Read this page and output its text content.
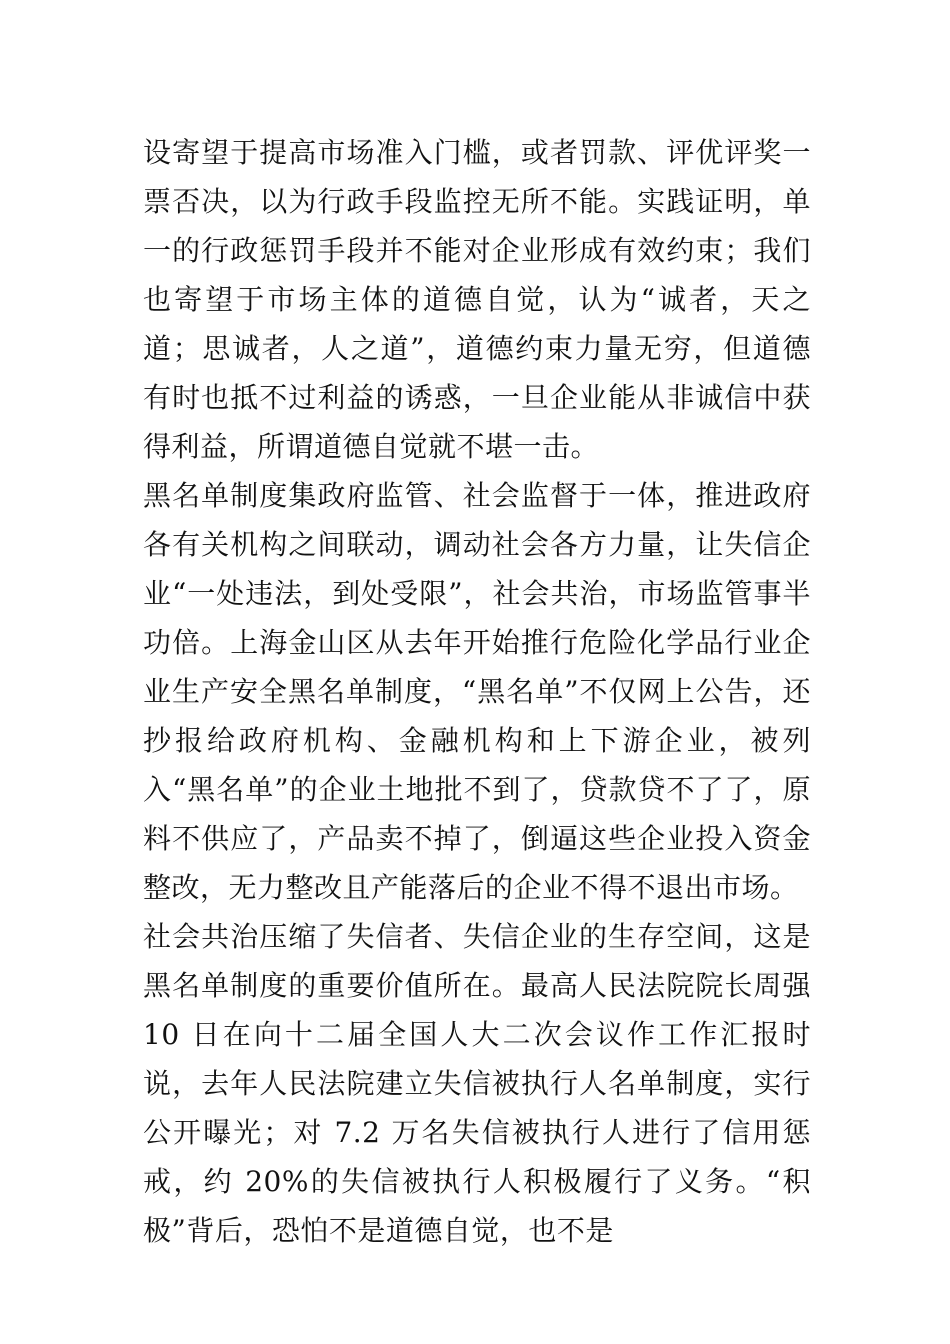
设寄望于提高市场准入门槛，或者罚款、评优评奖一票否决，以为行政手段监控无所不能。实践证明，单一的行政惩罚手段并不能对企业形成有效约束；我们也寄望于市场主体的道德自觉，认为“诚者，天之道；思诚者，人之道”，道德约束力量无穷，但道德有时也抵不过利益的诱惑，一旦企业能从非诚信中获得利益，所谓道德自觉就不堪一击。

黑名单制度集政府监管、社会监督于一体，推进政府各有关机构之间联动，调动社会各方力量，让失信企业“一处违法，到处受限”，社会共治，市场监管事半功倍。上海金山区从去年开始推行危险化学品行业企业生产安全黑名单制度，“黑名单”不仅网上公告，还抄报给政府机构、金融机构和上下游企业，被列入“黑名单”的企业土地批不到了，贷款贷不了了，原料不供应了，产品卖不掉了，倒逼这些企业投入资金整改，无力整改且产能落后的企业不得不退出市场。

社会共治压缩了失信者、失信企业的生存空间，这是黑名单制度的重要价值所在。最高人民法院院长周强 10 日在向十二届全国人大二次会议作工作汇报时说，去年人民法院建立失信被执行人名单制度，实行公开曝光；对 7.2 万名失信被执行人进行了信用惩戒，约 20%的失信被执行人积极履行了义务。“积极”背后，恐怕不是道德自觉，也不是
